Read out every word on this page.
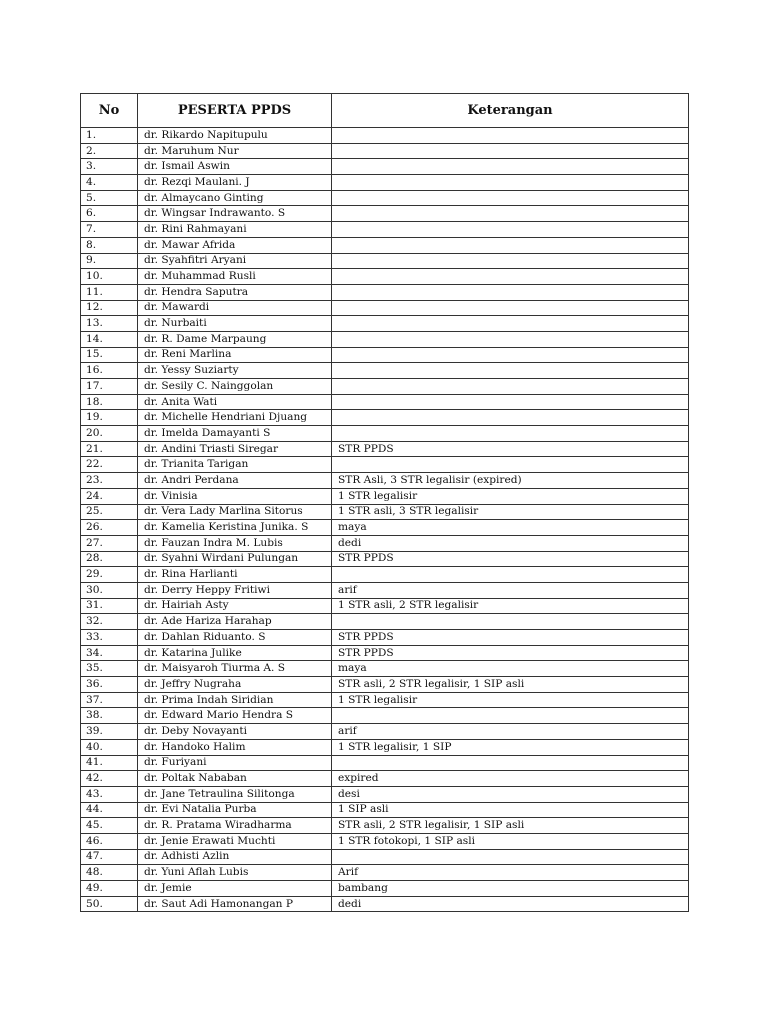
No	PESERTA PPDS	Keterangan
1.	dr. Rikardo Napitupulu	
2.	dr. Maruhum Nur	
3.	dr. Ismail Aswin	
4.	dr. Rezqi Maulani. J	
5.	dr. Almaycano Ginting	
6.	dr. Wingsar Indrawanto. S	
7.	dr. Rini Rahmayani	
8.	dr. Mawar Afrida	
9.	dr. Syahfitri Aryani	
10.	dr. Muhammad Rusli	
11.	dr. Hendra Saputra	
12.	dr. Mawardi	
13.	dr. Nurbaiti	
14.	dr. R. Dame Marpaung	
15.	dr. Reni Marlina	
16.	dr. Yessy Suziarty	
17.	dr. Sesily C. Nainggolan	
18.	dr. Anita Wati	
19.	dr. Michelle Hendriani Djuang	
20.	dr. Imelda Damayanti S	
21.	dr. Andini Triasti Siregar	STR PPDS
22.	dr. Trianita Tarigan	
23.	dr. Andri Perdana	STR Asli, 3 STR legalisir (expired)
24.	dr. Vinisia	1 STR legalisir
25.	dr. Vera Lady Marlina Sitorus	1 STR asli, 3 STR legalisir
26.	dr. Kamelia Keristina Junika. S	maya
27.	dr. Fauzan Indra M. Lubis	dedi
28.	dr. Syahni Wirdani Pulungan	STR PPDS
29.	dr. Rina Harlianti	
30.	dr. Derry Heppy Fritiwi	arif
31.	dr. Hairiah Asty	1 STR asli, 2 STR legalisir
32.	dr. Ade Hariza Harahap	
33.	dr. Dahlan Riduanto. S	STR PPDS
34.	dr. Katarina Julike	STR PPDS
35.	dr. Maisyaroh Tiurma A. S	maya
36.	dr. Jeffry Nugraha	STR asli, 2 STR legalisir, 1 SIP asli
37.	dr. Prima Indah Siridian	1 STR legalisir
38.	dr. Edward Mario Hendra S	
39.	dr. Deby Novayanti	arif
40.	dr. Handoko Halim	1 STR legalisir, 1 SIP
41.	dr. Furiyani	
42.	dr. Poltak Nababan	expired
43.	dr. Jane Tetraulina Silitonga	desi
44.	dr. Evi Natalia Purba	1 SIP asli
45.	dr. R. Pratama Wiradharma	STR asli, 2 STR legalisir, 1 SIP asli
46.	dr. Jenie Erawati Muchti	1 STR fotokopi, 1 SIP asli
47.	dr. Adhisti Azlin	
48.	dr. Yuni Aflah Lubis	Arif
49.	dr. Jemie	bambang
50.	dr. Saut Adi Hamonangan P	dedi
